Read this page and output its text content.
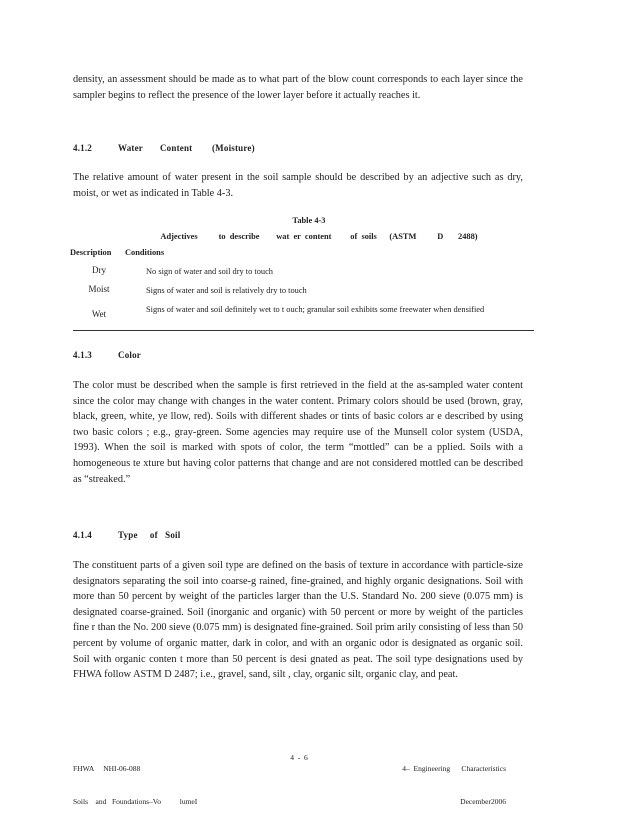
density, an assessment should be made as to what part of the blow count corresponds to each layer since the sampler begins to reflect the presence of the lower layer before it actually reaches it.
4.1.2	Water       Content        (Moisture)
The relative amount of water present in the soil sample should be described by an adjective such as dry, moist, or wet as indicated in Table 4-3.
Table 4-3
Adjectives          to  describe        wat  er  content         of  soils      (ASTM          D       2488)
Description Conditions
Dry	No sign of water and soil dry to touch
Moist	Signs of water and soil is relatively dry to touch
Wet	Signs of water and soil definitely wet to t ouch; granular soil exhibits some freewater when densified
4.1.3	Color
The color must be described when the sample is first retrieved in the field at the as-sampled water content since the color may change with changes in the water content. Primary colors should be used (brown, gray, black, green, white, ye llow, red). Soils with different shades or tints of basic colors ar e described by using two basic colors ; e.g., gray-green. Some agencies may require use of the Munsell color system (USDA, 1993). When the soil is marked with spots of color, the term “mottled” can be a pplied. Soils with a homogeneous te xture but having color patterns that change and are not considered mottled can be described as “streaked.”
4.1.4	Type     of   Soil
The constituent parts of a given soil type are defined on the basis of texture in accordance with particle-size designators separating the soil into coarse-g rained, fine-grained, and highly organic designations. Soil with more than 50 percent by weight of the particles larger than the U.S. Standard No. 200 sieve (0.075 mm) is designated coarse-grained. Soil (inorganic and organic) with 50 percent or more by weight of the particles fine r than the No. 200 sieve (0.075 mm) is designated fine-grained. Soil prim arily consisting of less than 50 percent by volume of organic matter, dark in color, and with an organic odor is designated as organic soil. Soil with organic conten t more than 50 percent is desi gnated as peat. The soil type designations used by FHWA follow ASTM D 2487; i.e., gravel, sand, silt , clay, organic silt, organic clay, and peat.

FHWA     NHI-06-088

Soils    and   Foundations–Vo          lumeI

4  -  6

4–  Engineering      Characteristics

December2006
